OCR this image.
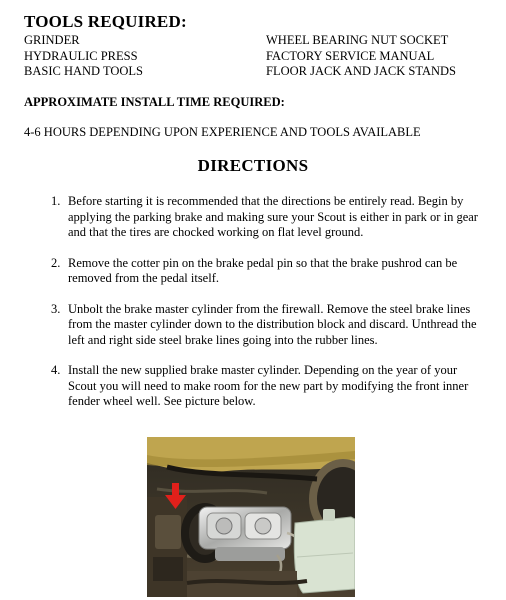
TOOLS REQUIRED:
GRINDER
HYDRAULIC PRESS
BASIC HAND TOOLS
WHEEL BEARING NUT SOCKET
FACTORY SERVICE MANUAL
FLOOR JACK AND JACK STANDS
APPROXIMATE INSTALL TIME REQUIRED:
4-6 HOURS DEPENDING UPON EXPERIENCE AND TOOLS AVAILABLE
DIRECTIONS
1. Before starting it is recommended that the directions be entirely read. Begin by applying the parking brake and making sure your Scout is either in park or in gear and that the tires are chocked working on flat level ground.
2. Remove the cotter pin on the brake pedal pin so that the brake pushrod can be removed from the pedal itself.
3. Unbolt the brake master cylinder from the firewall. Remove the steel brake lines from the master cylinder down to the distribution block and discard. Unthread the left and right side steel brake lines going into the rubber lines.
4. Install the new supplied brake master cylinder. Depending on the year of your Scout you will need to make room for the new part by modifying the front inner fender wheel well. See picture below.
